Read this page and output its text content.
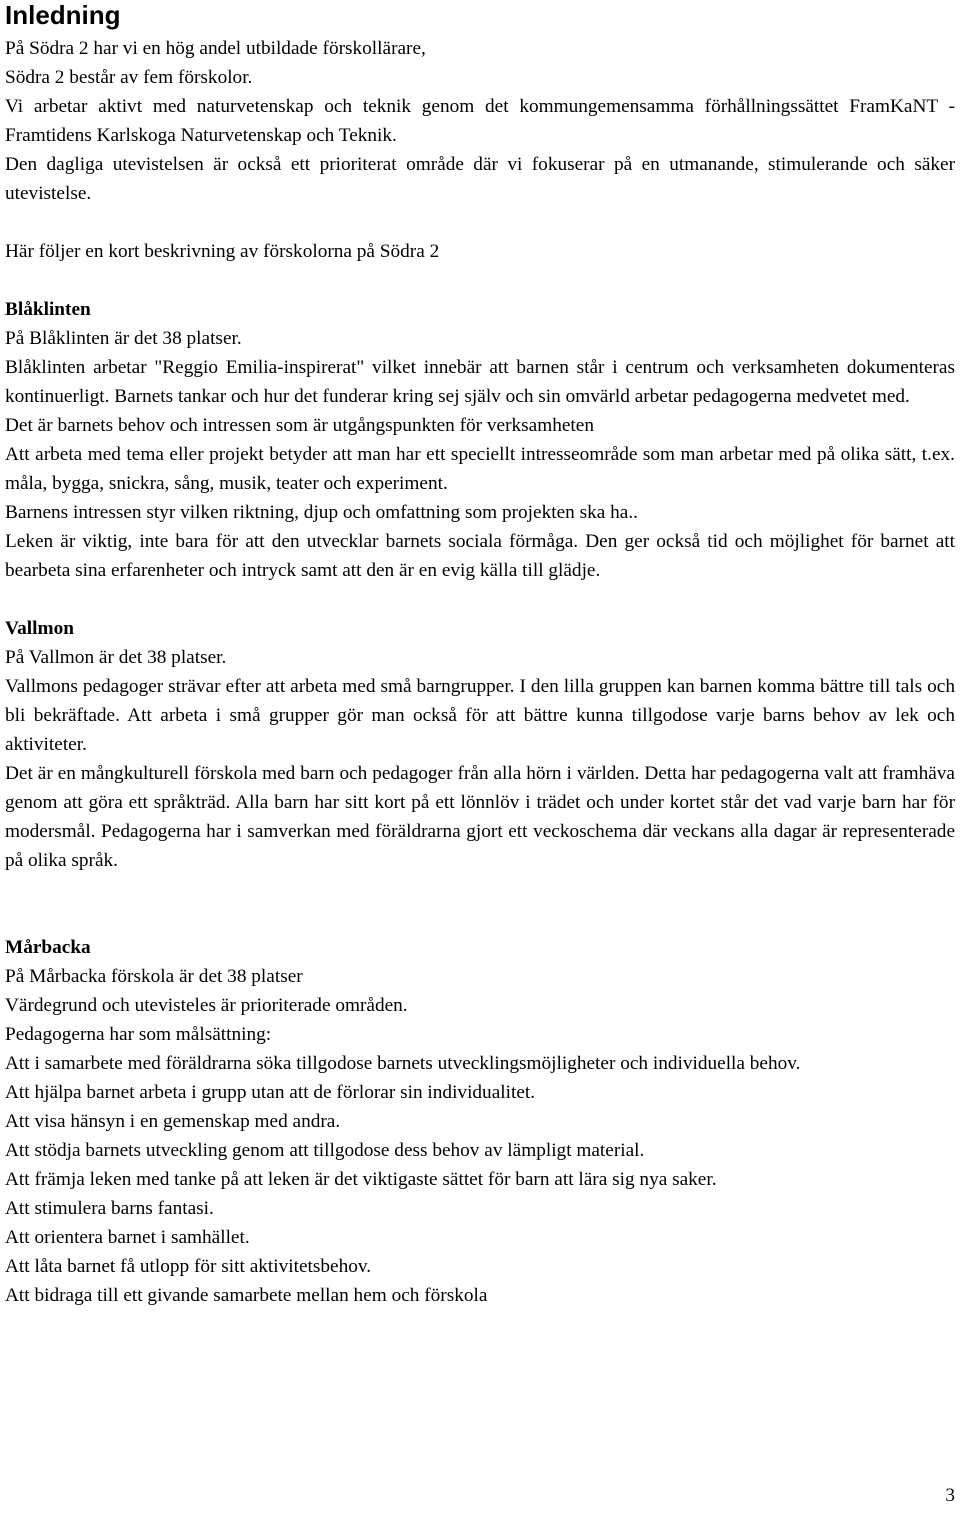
Inledning

På Södra 2 har vi en hög andel utbildade förskollärare,

Södra 2 består av fem förskolor.

Vi arbetar aktivt med naturvetenskap och teknik genom det kommungemensamma förhållningssättet FramKaNT - Framtidens Karlskoga Naturvetenskap och Teknik.

Den dagliga utevistelsen är också ett prioriterat område där vi fokuserar på en utmanande, stimulerande och säker utevistelse.

Här följer en kort beskrivning av förskolorna på Södra 2

Blåklinten

På Blåklinten är det 38 platser.

Blåklinten arbetar "Reggio Emilia-inspirerat" vilket innebär att barnen står i centrum och verksamheten dokumenteras kontinuerligt. Barnets tankar och hur det funderar kring sej själv och sin omvärld arbetar pedagogerna medvetet med.

Det är barnets behov och intressen som är utgångspunkten för verksamheten

Att arbeta med tema eller projekt betyder att man har ett speciellt intresseområde som man arbetar med på olika sätt, t.ex. måla, bygga, snickra, sång, musik, teater och experiment.

Barnens intressen styr vilken riktning, djup och omfattning som projekten ska ha..

Leken är viktig, inte bara för att den utvecklar barnets sociala förmåga. Den ger också tid och möjlighet för barnet att bearbeta sina erfarenheter och intryck samt att den är en evig källa till glädje.

Vallmon

På Vallmon är det 38 platser.

Vallmons pedagoger strävar efter att arbeta med små barngrupper. I den lilla gruppen kan barnen komma bättre till tals och bli bekräftade. Att arbeta i små grupper gör man också för att bättre kunna tillgodose varje barns behov av lek och aktiviteter.

Det är en mångkulturell förskola med barn och pedagoger från alla hörn i världen. Detta har pedagogerna valt att framhäva genom att göra ett språkträd. Alla barn har sitt kort på ett lönnlöv i trädet och under kortet står det vad varje barn har för modersmål. Pedagogerna har i samverkan med föräldrarna gjort ett veckoschema där veckans alla dagar är representerade på olika språk.

Mårbacka

På Mårbacka förskola är det 38 platser

Värdegrund och utevisteles är prioriterade områden.

Pedagogerna har som målsättning:

Att i samarbete med föräldrarna söka tillgodose barnets utvecklingsmöjligheter och individuella behov.

Att hjälpa barnet arbeta i grupp utan att de förlorar sin individualitet.

Att visa hänsyn i en gemenskap med andra.

Att stödja barnets utveckling genom att tillgodose dess behov av lämpligt material.

Att främja leken med tanke på att leken är det viktigaste sättet för barn att lära sig nya saker.

Att stimulera barns fantasi.

Att orientera barnet i samhället.

Att låta barnet få utlopp för sitt aktivitetsbehov.

Att bidraga till ett givande samarbete mellan hem och förskola

3
